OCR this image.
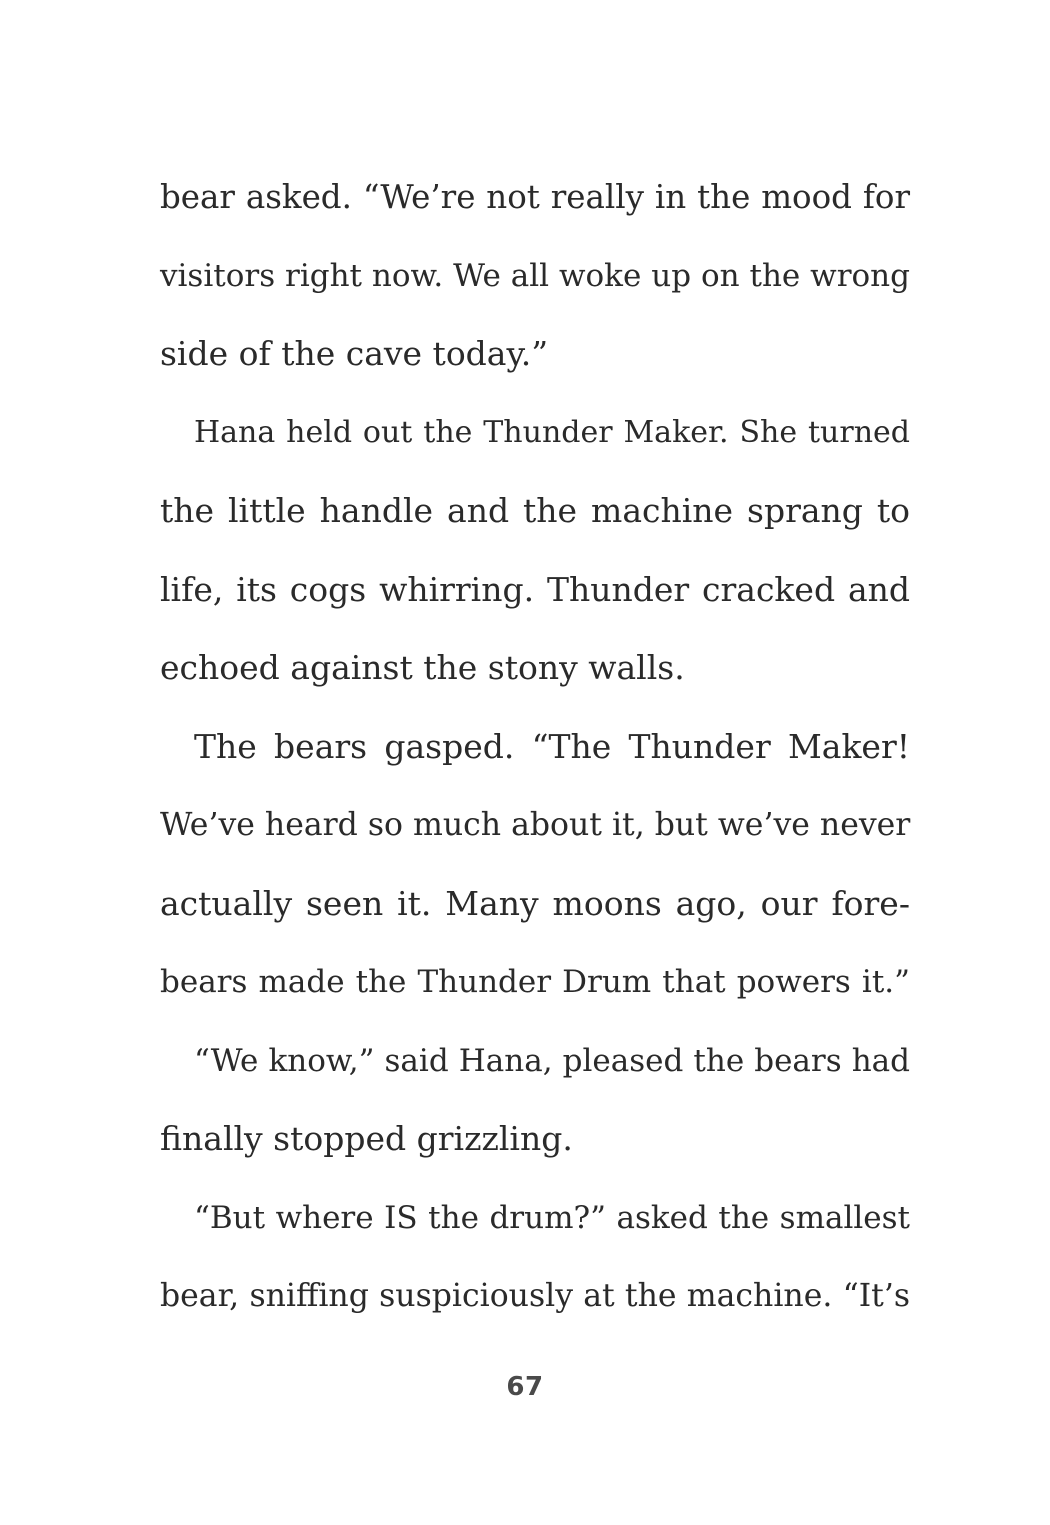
bear asked. “We’re not really in the mood for
visitors right now. We all woke up on the wrong
side of the cave today.”
Hana held out the Thunder Maker. She turned
the little handle and the machine sprang to
life, its cogs whirring. Thunder cracked and
echoed against the stony walls.
The bears gasped. “The Thunder Maker!
We’ve heard so much about it, but we’ve never
actually seen it. Many moons ago, our fore-
bears made the Thunder Drum that powers it.”
“We know,” said Hana, pleased the bears had
finally stopped grizzling.
“But where IS the drum?” asked the smallest
bear, sniffing suspiciously at the machine. “It’s
67
